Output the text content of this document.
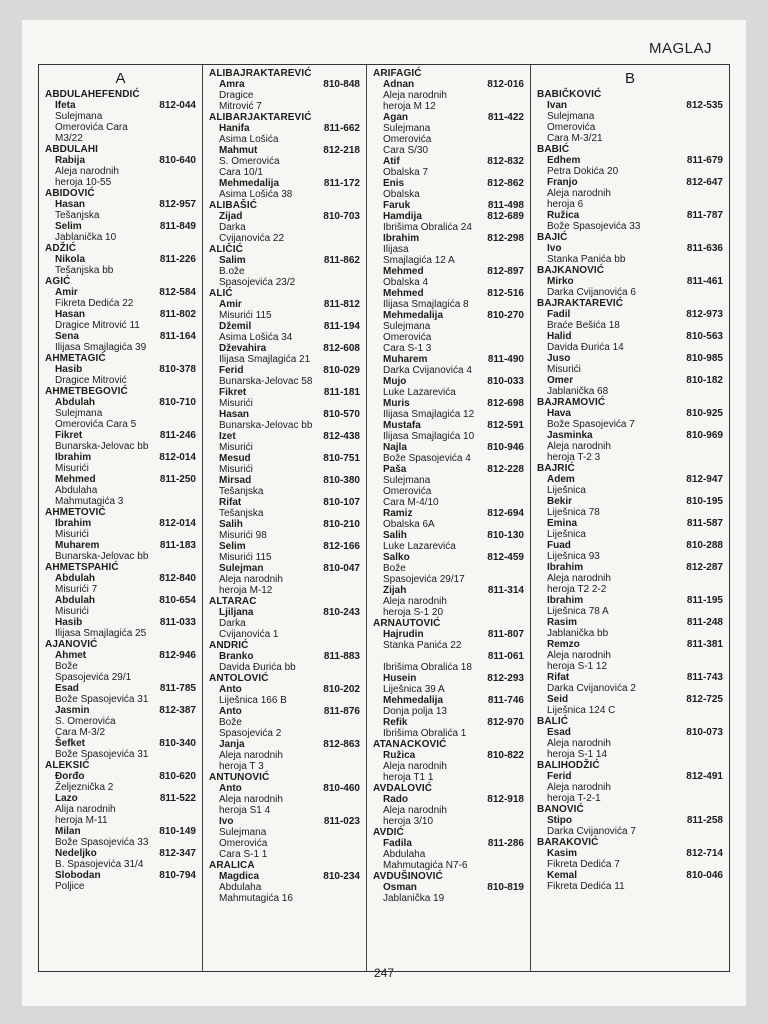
MAGLAJ
A
ABDULAHEFENDIĆ
Ifeta	812-044
Sulejmana
Omerovića Cara
M3/22
ABDULAHI
Rabija	810-640
Aleja narodnih
heroja 10-55
ABIDOVIĆ
Hasan	812-957
Tešanjska
Selim	811-849
Jablanička 10
ADŽIĆ
Nikola	811-226
Tešanjska bb
AGIĆ
Amir	812-584
Fikreta Dedića 22
Hasan	811-802
Dragice Mitrović 11
Sena	811-164
Ilijasa Smajlagića 39
AHMETAGIĆ
Hasib	810-378
Dragice Mitrović
AHMETBEGOVIĆ
Abdulah	810-710
Sulejmana
Omerovića Cara 5
Fikret	811-246
Bunarska-Jelovac bb
Ibrahim	812-014
Misurići
Mehmed	811-250
Abdulaha
Mahmutagića 3
AHMETOVIĆ
Ibrahim	812-014
Misurići
Muharem	811-183
Bunarska-Jelovac bb
AHMETSPAHIĆ
Abdulah	812-840
Misurići 7
Abdulah	810-654
Misurići
Hasib	811-033
Ilijasa Smajlagića 25
AJANOVIĆ
Ahmet	812-946
Bože
Spasojevića 29/1
Esad	811-785
Bože Spasojevića 31
Jasmin	812-387
S. Omerovića
Cara M-3/2
Šefket	810-340
Bože Spasojevića 31
ALEKSIĆ
Đorđo	810-620
Željeznička 2
Lazo	811-522
Alija narodnih
heroja M-11
Milan	810-149
Bože Spasojevića 33
Nedeljko	812-347
B. Spasojevića 31/4
Slobodan	810-794
Poljice
ALIBAJRAKTAREVIĆ
Amra	810-848
Dragice
Mitrović 7
ALIBARJAKTAREVIĆ
Hanifa	811-662
Asima Lošića
Mahmut	812-218
S. Omerovića
Cara 10/1
Mehmedalija	811-172
Asima Lošića 38
ALIBAŠIĆ
Zijad	810-703
Darka
Cvijanovića 22
ALIČIĆ
Salim	811-862
B.ože
Spasojevića 23/2
ALIĆ
Amir	811-812
Misurići 115
Džemil	811-194
Asima Lošića 34
Dževahira	812-608
Ilijasa Smajlagića 21
Ferid	810-029
Bunarska-Jelovac 58
Fikret	811-181
Misurići
Hasan	810-570
Bunarska-Jelovac bb
Izet	812-438
Misurići
Mesud	810-751
Misurići
Mirsad	810-380
Tešanjska
Rifat	810-107
Tešanjska
Salih	810-210
Misurići 98
Selim	812-166
Misurići 115
Sulejman	810-047
Aleja narodnih
heroja M-12
ALTARAC
Ljiljana	810-243
Darka
Cvijanovića 1
ANDRIĆ
Branko	811-883
Davida Đurića bb
ANTOLOVIĆ
Anto	810-202
Liješnica 166 B
Anto	811-876
Bože
Spasojevića 2
Janja	812-863
Aleja narodnih
heroja T 3
ANTUNOVIĆ
Anto	810-460
Aleja narodnih
heroja S1 4
Ivo	811-023
Sulejmana
Omerovića
Cara S-1 1
ARALICA
Magdica	810-234
Abdulaha
Mahmutagića 16
ARIFAGIĆ
Adnan	812-016
Aleja narodnih
heroja M 12
Agan	811-422
Sulejmana
Omerovića
Cara S/30
Atif	812-832
Obalska 7
Enis	812-862
Obalska
Faruk	811-498
Hamdija	812-689
Ibrišima Obralića 24
Ibrahim	812-298
Ilijasa
Smajlagića 12 A
Mehmed	812-897
Obalska 4
Mehmed	812-516
Ilijasa Smajlagića 8
Mehmedalija	810-270
Sulejmana
Omerovića
Cara S-1 3
Muharem	811-490
Darka Cvijanovića 4
Mujo	810-033
Luke Lazarevića
Muris	812-698
Ilijasa Smajlagića 12
Mustafa	812-591
Ilijasa Smajlagića 10
Najla	810-946
Bože Spasojevića 4
Paša	812-228
Sulejmana
Omerovića
Cara M-4/10
Ramiz	812-694
Obalska 6A
Salih	810-130
Luke Lazarevića
Salko	812-459
Bože
Spasojevića 29/17
Zijah	811-314
Aleja narodnih
heroja S-1 20
ARNAUTOVIĆ
Hajrudin	811-807
Stanka Panića 22
811-061
Ibrišima Obralića 18
Husein	812-293
Liješnica 39 A
Mehmedalija	811-746
Donja polja 13
Refik	812-970
Ibrišima Obralića 1
ATANACKOVIĆ
Ružica	810-822
Aleja narodnih
heroja T1 1
AVDALOVIĆ
Rado	812-918
Aleja narodnih
heroja 3/10
AVDIĆ
Fadila	811-286
Abdulaha
Mahmutagića N7-6
AVDUŠINOVIĆ
Osman	810-819
Jablanička 19
B
BABIČKOVIĆ
Ivan	812-535
Sulejmana
Omerovića
Cara M-3/21
BABIĆ
Edhem	811-679
Petra Dokića 20
Franjo	812-647
Aleja narodnih
heroja 6
Ružica	811-787
Bože Spasojevića 33
BAJIĆ
Ivo	811-636
Stanka Panića bb
BAJKANOVIĆ
Mirko	811-461
Darka Cvijanovića 6
BAJRAKTAREVIĆ
Fadil	812-973
Braće Bešića 18
Halid	810-563
Davida Đurića 14
Juso	810-985
Misurići
Omer	810-182
Jablanička 68
BAJRAMOVIĆ
Hava	810-925
Bože Spasojevića 7
Jasminka	810-969
Aleja narodnih
heroja T-2 3
BAJRIĆ
Adem	812-947
Liješnica
Bekir	810-195
Liješnica 78
Emina	811-587
Liješnica
Fuad	810-288
Liješnica 93
Ibrahim	812-287
Aleja narodnih
heroja T2 2-2
Ibrahim	811-195
Liješnica 78 A
Rasim	811-248
Jablanička bb
Remzo	811-381
Aleja narodnih
heroja S-1 12
Rifat	811-743
Darka Cvijanovića 2
Seid	812-725
Liješnica 124 C
BALIĆ
Esad	810-073
Aleja narodnih
heroja S-1 14
BALIHODŽIĆ
Ferid	812-491
Aleja narodnih
heroja T-2-1
BANOVIĆ
Stipo	811-258
Darka Cvijanovića 7
BARAKOVIĆ
Kasim	812-714
Fikreta Dedića 7
Kemal	810-046
Fikreta Dedića 11
247
